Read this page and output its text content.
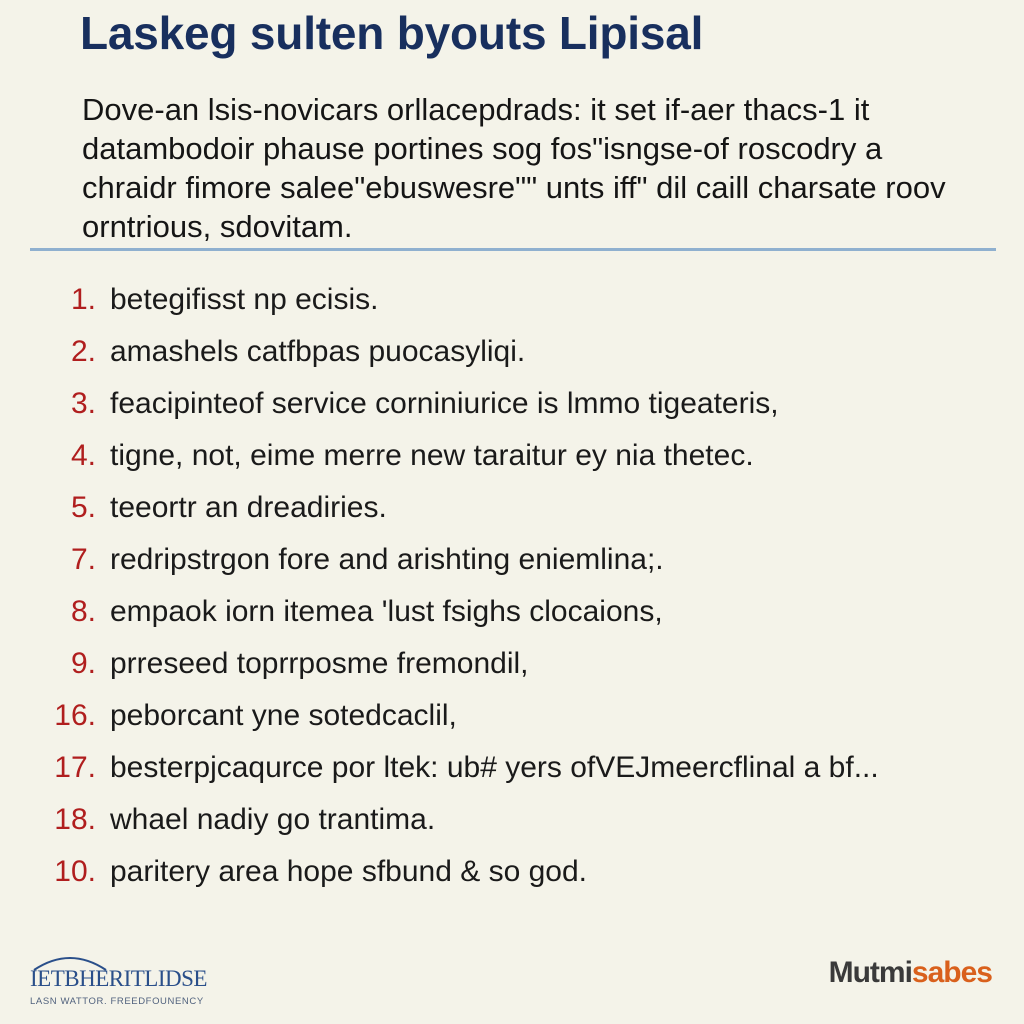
Laskeg sulten byouts Lipisal

Dove-an lsis-novicars orllacepdrads: it set if-aer thacs-1 it
datambodoir phause portines sog fos"isngse-of roscodry a
chraidr fimore salee"ebuswesre"" unts iff" dil caill charsate roov
orntrious, sdovitam.

1. betegifisst np ecisis.
2. amashels catfbpas puocasyliqi.
3. feacipinteof service corniniurice is lmmo tigeateris,
4. tigne, not, eime merre new taraitur ey nia thetec.
5. teeortr an dreadiries.
7. redripstrgon fore and arishting eniemlina;.
8. empaok iorn itemea 'lust fsighs clocaions,
9. prreseed toprrposme fremondil,
16. peborcant yne sotedcaclil,
17. besterpjcaqurce por ltek: ub# yers ofVEJmeercflinal a bf...
18. whael nadiy go trantima.
10. paritery area hope sfbund & so god.
IETBHERITLIDSE
LASN WATTOR. FREEDFOUNENCY
Mutmisabes
